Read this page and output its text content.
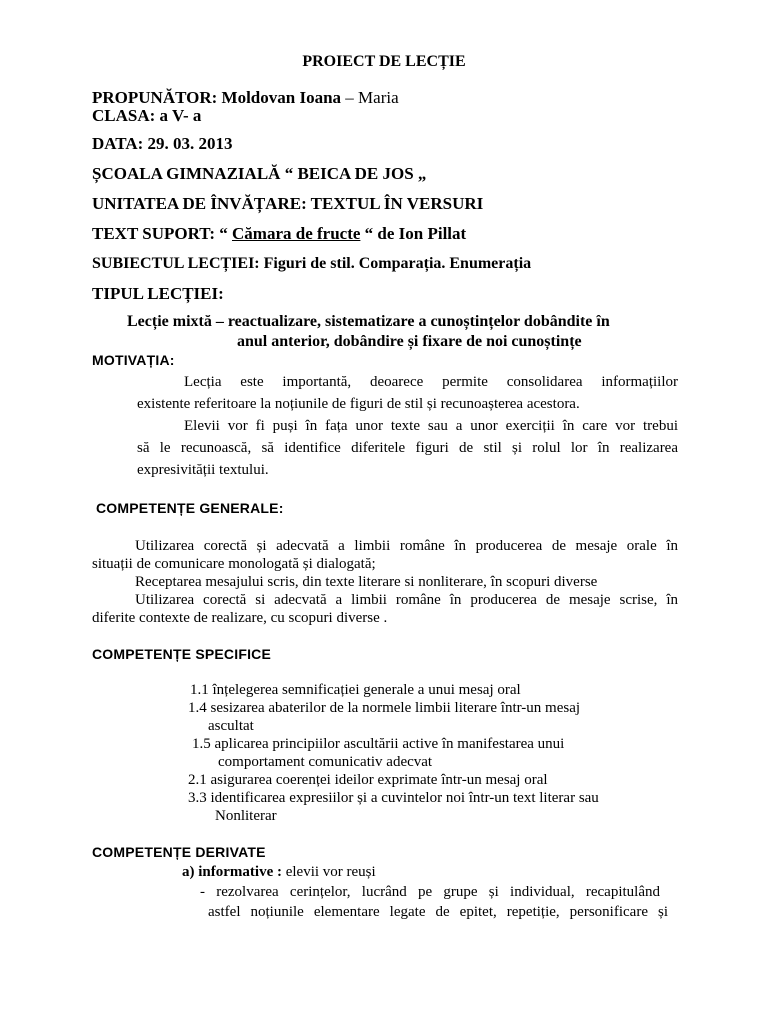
PROIECT DE LECȚIE
PROPUNĂTOR: Moldovan Ioana – Maria
CLASA: a V- a
DATA: 29. 03. 2013
ȘCOALA GIMNAZIALĂ “ BEICA DE JOS „
UNITATEA DE ÎNVĂȚARE: TEXTUL ÎN VERSURI
TEXT SUPORT: “ Cămara de fructe “ de Ion Pillat
SUBIECTUL LECȚIEI: Figuri de stil. Comparația. Enumerația
TIPUL LECȚIEI:
Lecție mixtă – reactualizare, sistematizare a cunoștințelor dobândite în
anul anterior, dobândire și fixare de noi cunoștințe
MOTIVAȚIA:
Lecția este importantă, deoarece permite consolidarea informațiilor
existente referitoare la noțiunile de figuri de stil și recunoașterea acestora.
Elevii vor fi puși în fața unor texte sau a unor exerciții în care vor trebui
să le recunoască, să identifice diferitele figuri de stil și rolul lor în realizarea
expresivității textului.
COMPETENȚE GENERALE:
Utilizarea corectă și adecvată a limbii române în producerea de mesaje orale în
situații de comunicare monologată și dialogată;
Receptarea mesajului scris, din texte literare si nonliterare, în scopuri diverse
Utilizarea corectă si adecvată a limbii române în producerea de mesaje scrise, în
diferite contexte de realizare, cu scopuri diverse .
COMPETENȚE SPECIFICE
1.1 înțelegerea semnificației generale a unui mesaj oral
1.4 sesizarea abaterilor de la normele limbii literare într-un mesaj
ascultat
1.5 aplicarea principiilor ascultării active în manifestarea unui
comportament comunicativ adecvat
2.1 asigurarea coerenței ideilor exprimate într-un mesaj oral
3.3 identificarea expresiilor și a cuvintelor noi într-un text literar sau
Nonliterar
COMPETENȚE DERIVATE
a) informative : elevii vor reuși
- rezolvarea cerințelor, lucrând pe grupe și individual, recapitulând
astfel noțiunile elementare legate de epitet, repetiție, personificare și
